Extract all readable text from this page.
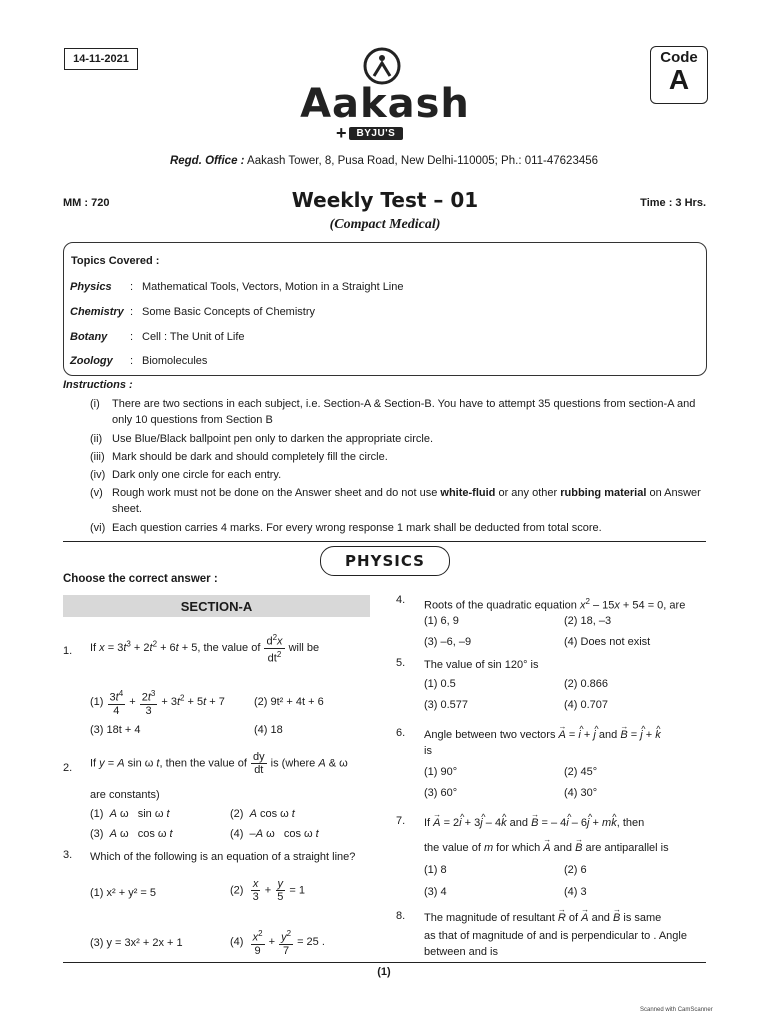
14-11-2021
Aakash
+	BYJU'S
Code
A
Regd. Office : Aakash Tower, 8, Pusa Road, New Delhi-110005; Ph.: 011-47623456
MM : 720	Weekly Test – 01
(Compact Medical)
Time : 3 Hrs.
Topics Covered :
Physics	: Mathematical Tools, Vectors, Motion in a Straight Line
Chemistry : Some Basic Concepts of Chemistry
Botany	: Cell : The Unit of Life
Zoology	: Biomolecules
Instructions :
(i)	There are two sections in each subject, i.e. Section-A & Section-B. You have to attempt 35 questions from section-A and only 10 questions from Section B
(ii) Use Blue/Black ballpoint pen only to darken the appropriate circle.
(iii) Mark should be dark and should completely fill the circle.
(iv) Dark only one circle for each entry.
(v) Rough work must not be done on the Answer sheet and do not use white-fluid or any other rubbing material on Answer sheet.
(vi) Each question carries 4 marks. For every wrong response 1 mark shall be deducted from total score.
PHYSICS
Choose the correct answer :
SECTION-A
1.	If $x = 3t^3 + 2t^2 + 6t + 5$, the value of $\frac{d^2x}{dt^2}$ will be
$(1) \frac{3t^4}{4} + \frac{2t^3}{3} + 3t^2 + 5t + 7$	(2) 9t² + 4t + 6
(3) 18t + 4	(4) 18
2.	If y = A sin ω t, then the value of $\frac{dy}{dt}$ is (where A & ω
are constants)
(1)  A ω   sin ω t	(2)  A cos ω t
(3)  A ω   cos ω t	(4)  –A ω   cos ω t
3.	Which of the following is an equation of a straight line?
(1) x² + y² = 5	$(2) \frac{x}{3} + \frac{y}{5} = 1$
(3) y = 3x² + 2x + 1	$(4) \frac{x^2}{9} + \frac{y^2}{7} = 25$ .
4.	Roots of the quadratic equation $x^2 - 15x + 54 = 0$, are
(1) 6, 9	(2) 18, –3
(3) –6, –9	(4) Does not exist
5.	The value of sin 120° is
(1) 0.5	(2) 0.866
(3) 0.577	(4) 0.707
6.	Angle between two vectors → A = ^ i + ^ j and → B = ^ j + ^ k
is
(1) 90°	(2) 45°
(3) 60°	(4) 30°
7.	If → A = 2^ i + 3^ j – 4^ k and → B = – 4^ i – 6^ j + m^ k, then
the value of m for which → A and → B are antiparallel is
(1) 8	(2) 6
(3) 4	(4) 3
8.	The magnitude of resultant → R of → A and → B is same
as that of magnitude of and is perpendicular to . Angle
between and is
(1)
Scanned with CamScanner
